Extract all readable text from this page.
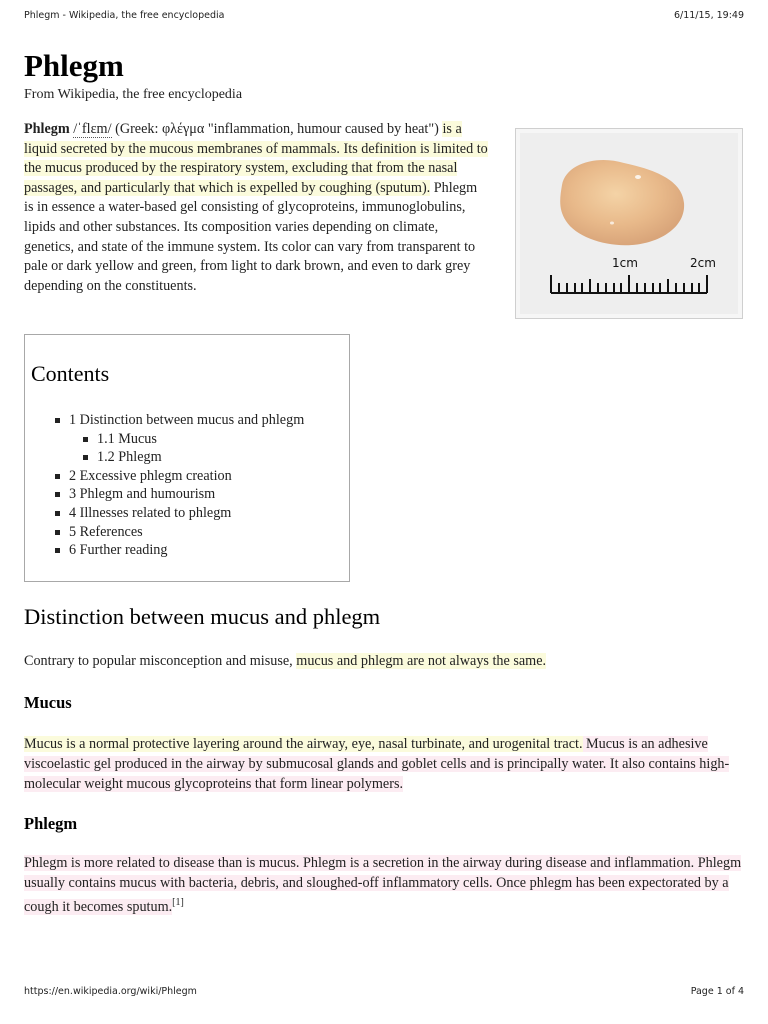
Phlegm - Wikipedia, the free encyclopedia	6/11/15, 19:49
Phlegm
From Wikipedia, the free encyclopedia

Phlegm /ˈflɛm/ (Greek: φλέγμα "inflammation, humour caused by heat") is a liquid secreted by the mucous membranes of mammals. Its definition is limited to the mucus produced by the respiratory system, excluding that from the nasal passages, and particularly that which is expelled by coughing (sputum). Phlegm is in essence a water-based gel consisting of glycoproteins, immunoglobulins, lipids and other substances. Its composition varies depending on climate, genetics, and state of the immune system. Its color can vary from transparent to pale or dark yellow and green, from light to dark brown, and even to dark grey depending on the constituents.

1cm	2cm
Contents
1 Distinction between mucus and phlegm
1.1 Mucus
1.2 Phlegm
2 Excessive phlegm creation
3 Phlegm and humourism
4 Illnesses related to phlegm
5 References
6 Further reading
Distinction between mucus and phlegm

Contrary to popular misconception and misuse, mucus and phlegm are not always the same.

Mucus

Mucus is a normal protective layering around the airway, eye, nasal turbinate, and urogenital tract. Mucus is an adhesive viscoelastic gel produced in the airway by submucosal glands and goblet cells and is principally water. It also contains high-molecular weight mucous glycoproteins that form linear polymers.

Phlegm

Phlegm is more related to disease than is mucus. Phlegm is a secretion in the airway during disease and inflammation. Phlegm usually contains mucus with bacteria, debris, and sloughed-off inflammatory cells. Once phlegm has been expectorated by a cough it becomes sputum.[1]

https://en.wikipedia.org/wiki/Phlegm	Page 1 of 4
